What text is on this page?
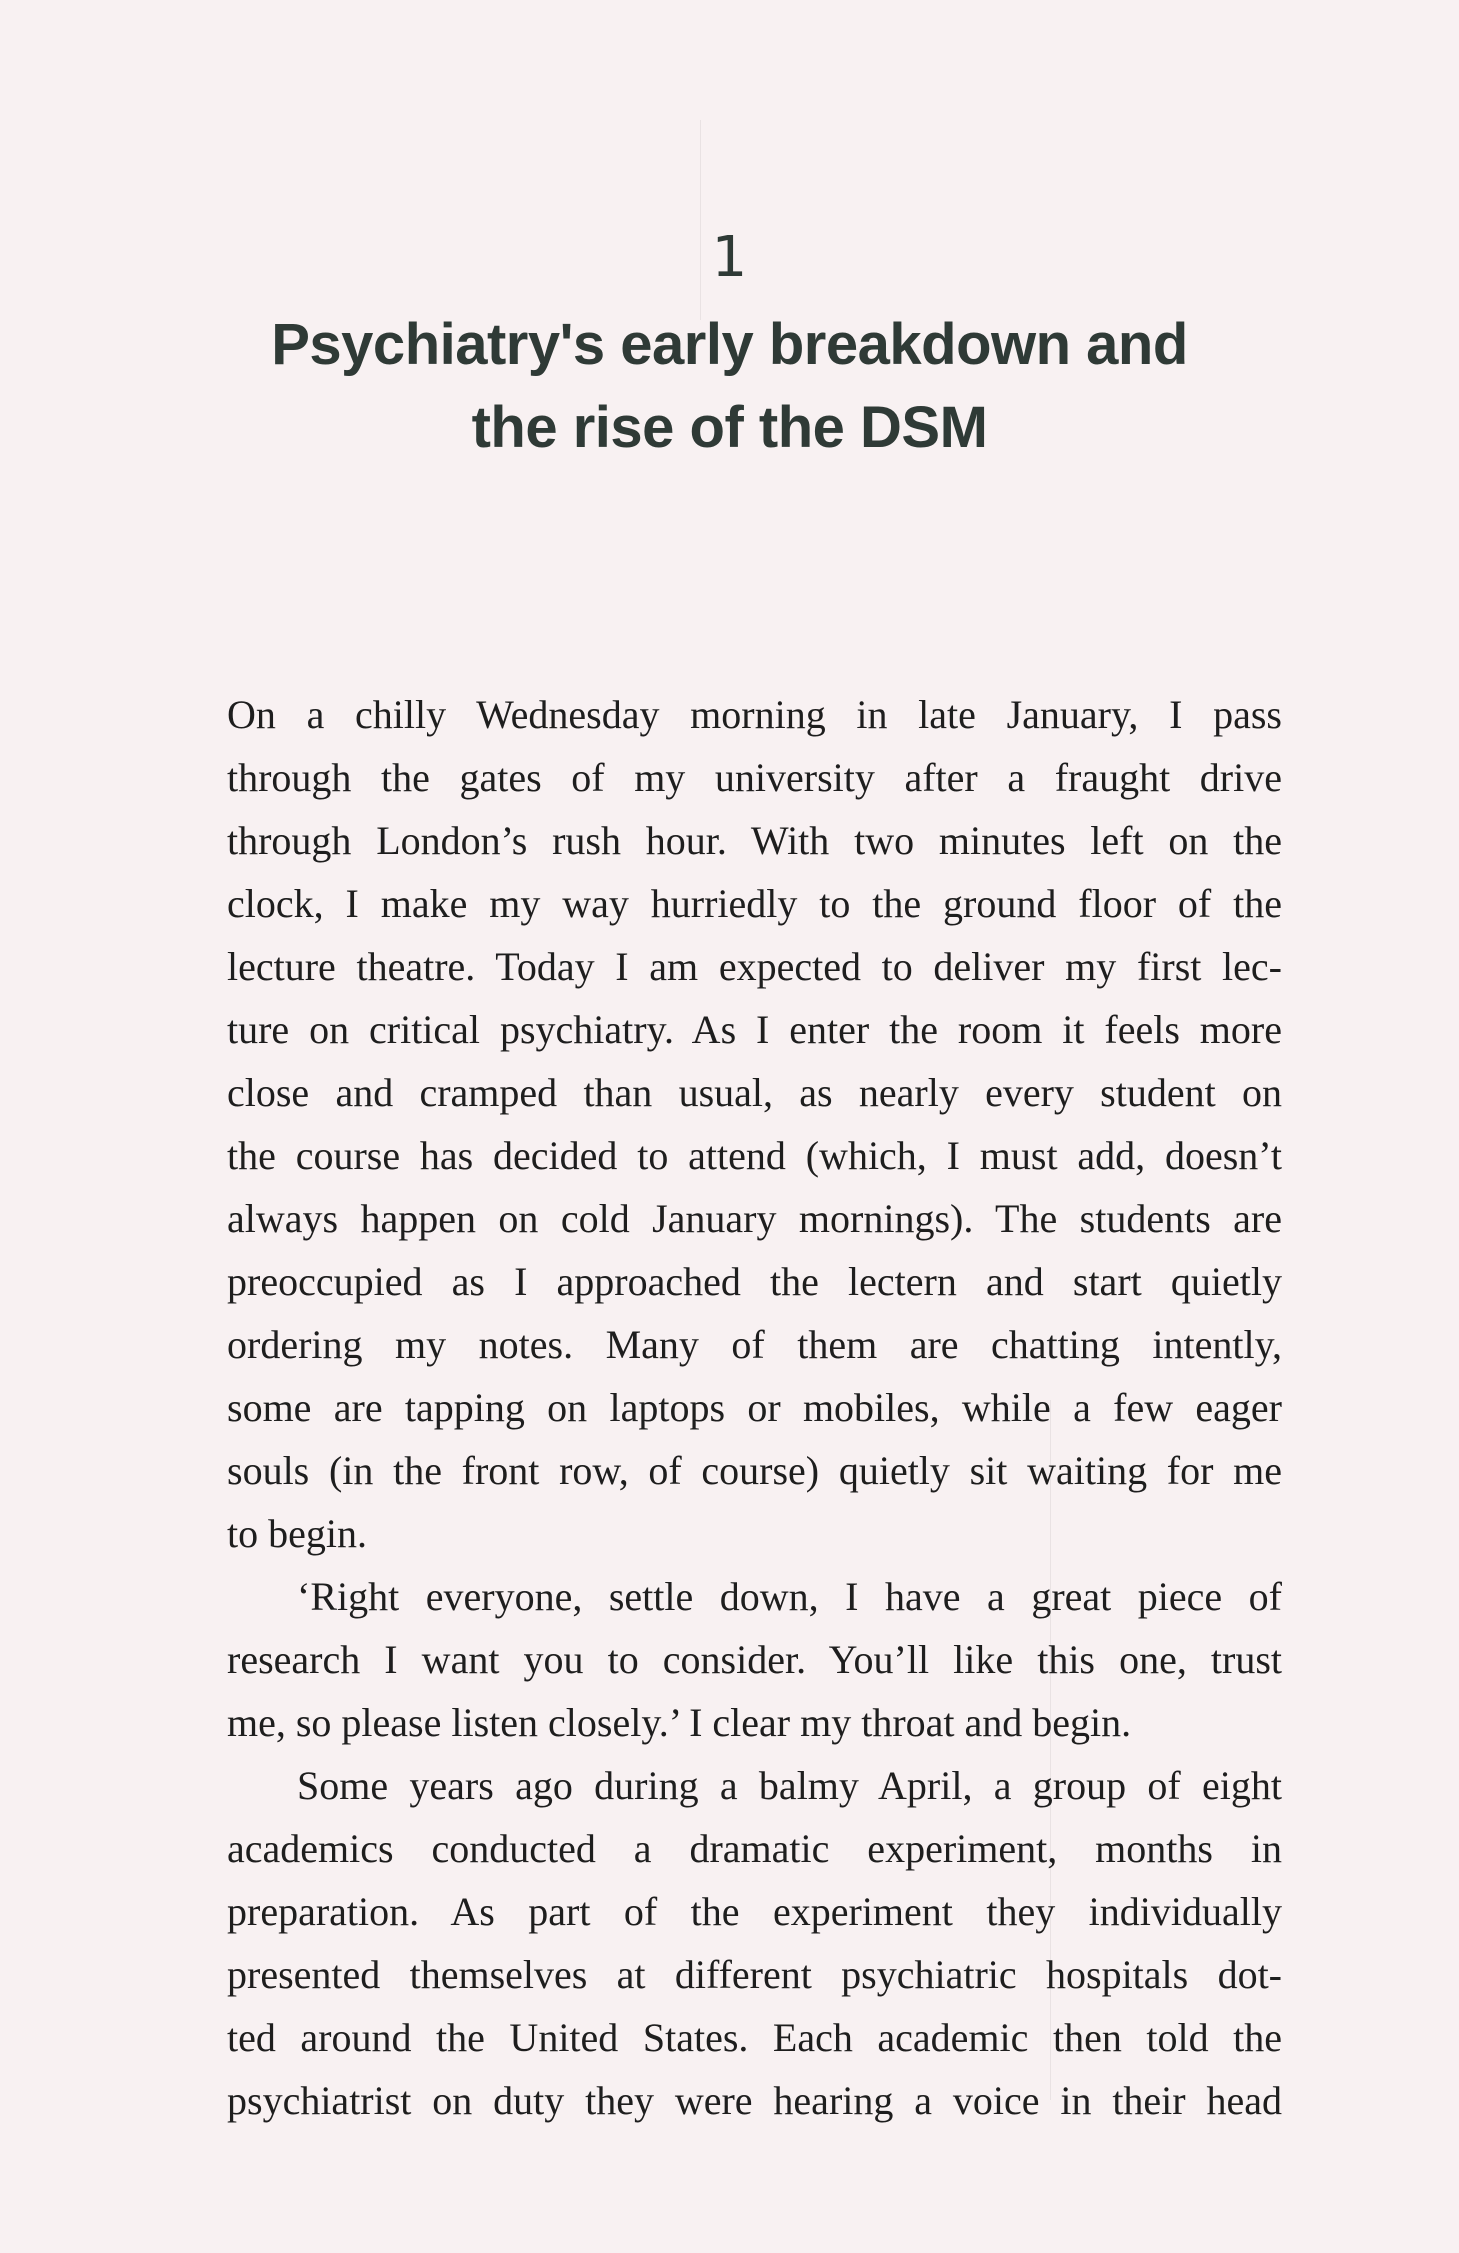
1
Psychiatry's early breakdown and
the rise of the DSM
On a chilly Wednesday morning in late January, I pass
through the gates of my university after a fraught drive
through London’s rush hour. With two minutes left on the
clock, I make my way hurriedly to the ground floor of the
lecture theatre. Today I am expected to deliver my first lec-
ture on critical psychiatry. As I enter the room it feels more
close and cramped than usual, as nearly every student on
the course has decided to attend (which, I must add, doesn’t
always happen on cold January mornings). The students are
preoccupied as I approached the lectern and start quietly
ordering my notes. Many of them are chatting intently,
some are tapping on laptops or mobiles, while a few eager
souls (in the front row, of course) quietly sit waiting for me
to begin.
‘Right everyone, settle down, I have a great piece of
research I want you to consider. You’ll like this one, trust
me, so please listen closely.’ I clear my throat and begin.
Some years ago during a balmy April, a group of eight
academics conducted a dramatic experiment, months in
preparation. As part of the experiment they individually
presented themselves at different psychiatric hospitals dot-
ted around the United States. Each academic then told the
psychiatrist on duty they were hearing a voice in their head
